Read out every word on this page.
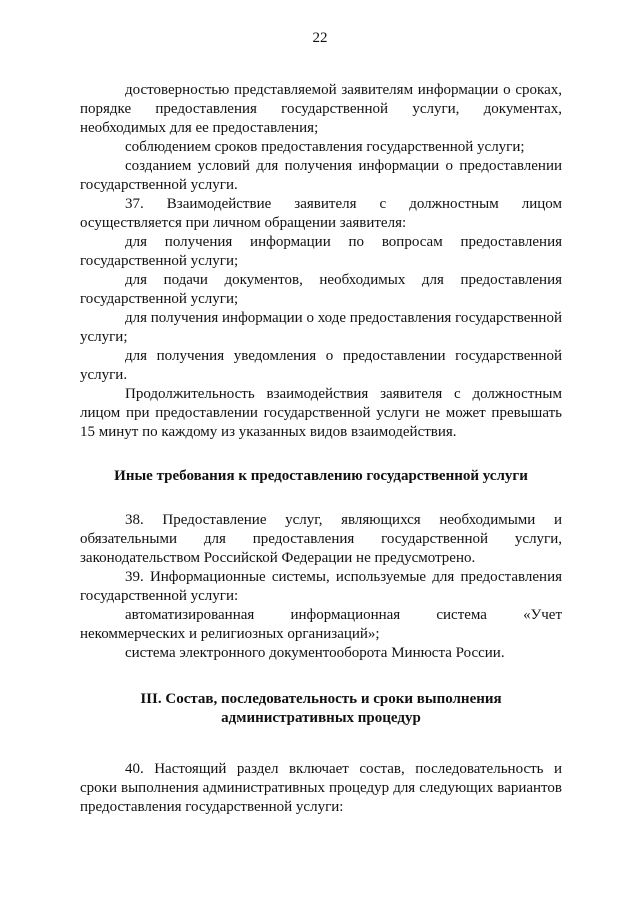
22

достоверностью представляемой заявителям информации о сроках, порядке предоставления государственной услуги, документах, необходимых для ее предоставления;

соблюдением сроков предоставления государственной услуги;

созданием условий для получения информации о предоставлении государственной услуги.

37. Взаимодействие заявителя с должностным лицом осуществляется при личном обращении заявителя:

для получения информации по вопросам предоставления государственной услуги;

для подачи документов, необходимых для предоставления государственной услуги;

для получения информации о ходе предоставления государственной услуги;

для получения уведомления о предоставлении государственной услуги.

Продолжительность взаимодействия заявителя с должностным лицом при предоставлении государственной услуги не может превышать 15 минут по каждому из указанных видов взаимодействия.

Иные требования к предоставлению государственной услуги

38. Предоставление услуг, являющихся необходимыми и обязательными для предоставления государственной услуги, законодательством Российской Федерации не предусмотрено.

39. Информационные системы, используемые для предоставления государственной услуги:

автоматизированная информационная система «Учет некоммерческих и религиозных организаций»;

система электронного документооборота Минюста России.

III. Состав, последовательность и сроки выполнения
административных процедур

40. Настоящий раздел включает состав, последовательность и сроки выполнения административных процедур для следующих вариантов предоставления государственной услуги:
